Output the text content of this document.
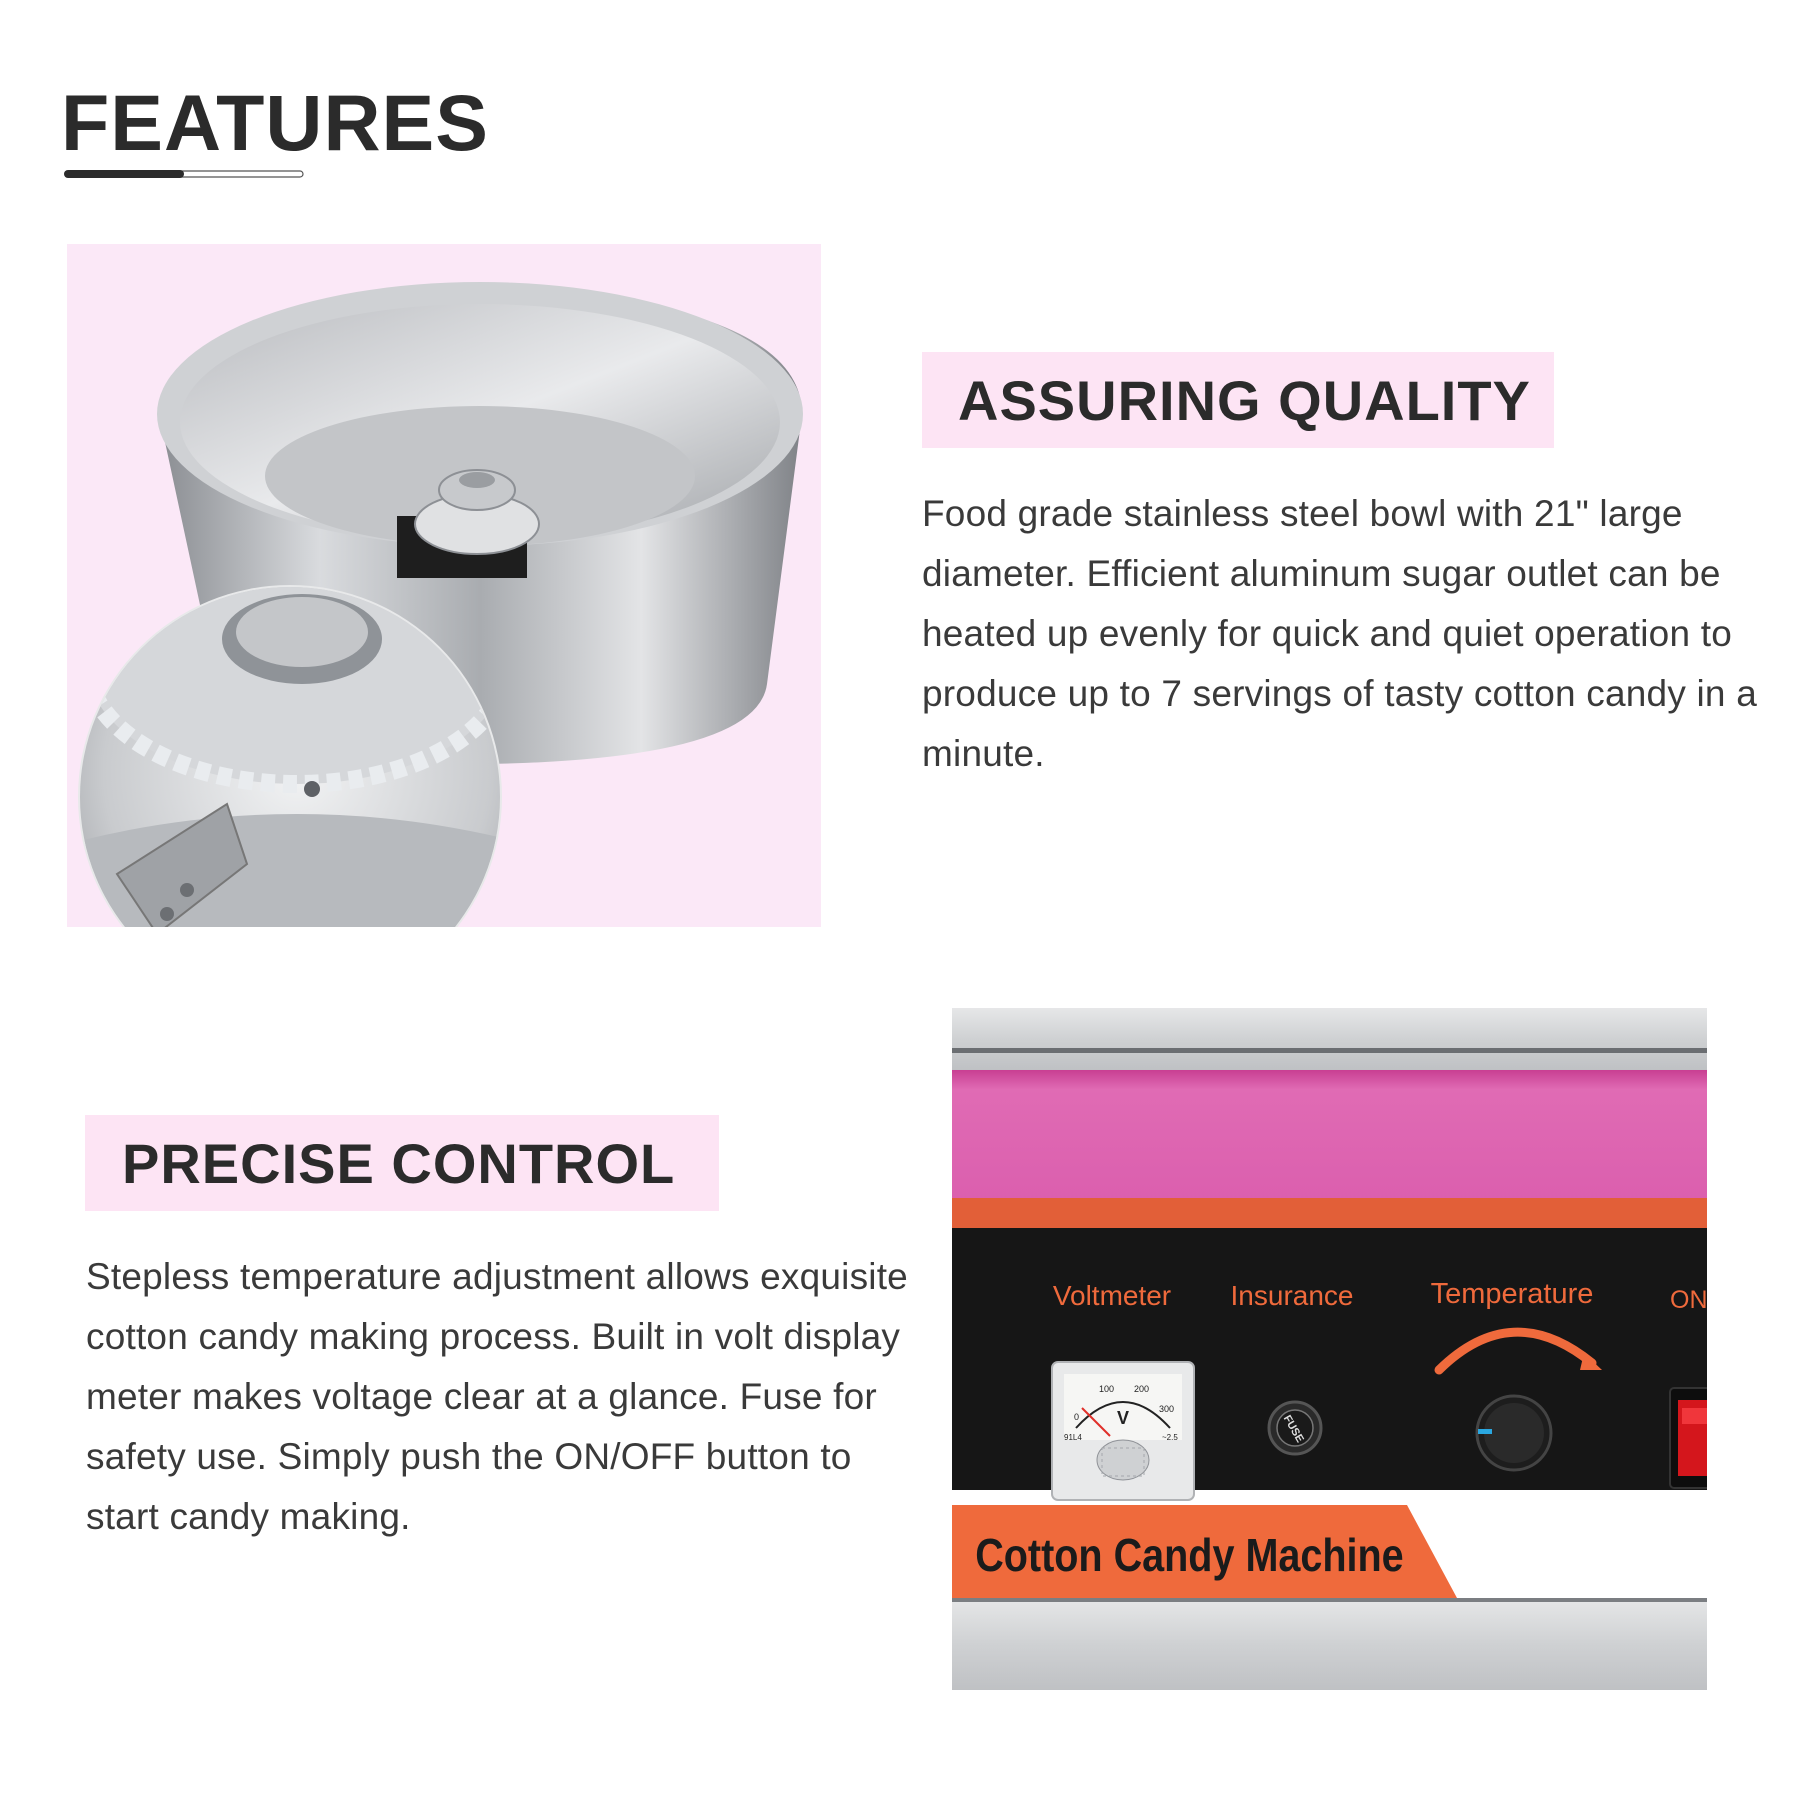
FEATURES
ASSURING QUALITY

Food grade stainless steel bowl with 21" large diameter. Efficient aluminum sugar outlet can be heated up evenly for quick and quiet operation to produce up to 7 servings of tasty cotton candy in a minute.

PRECISE CONTROL

Stepless temperature adjustment allows exquisite cotton candy making process. Built in volt display meter makes voltage clear at a glance. Fuse for safety use. Simply push the ON/OFF button to start candy making.

Voltmeter Insurance	Temperature	ON
0
100 200
300
V
91L4	~2.5	FUSE
Cotton Candy Machine
